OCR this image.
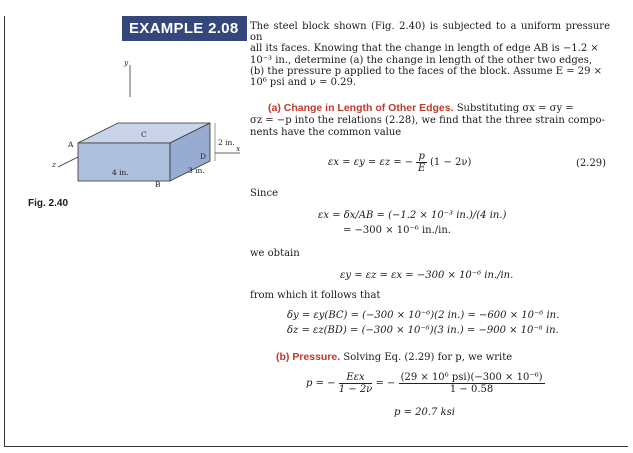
EXAMPLE 2.08
y
x
z
A
B
C
D
2 in.
3 in.
4 in.
Fig. 2.40

The steel block shown (Fig. 2.40) is subjected to a uniform pressure on

all its faces. Knowing that the change in length of edge AB is −1.2 ×

10⁻³ in., determine (a) the change in length of the other two edges,

(b) the pressure p applied to the faces of the block. Assume E = 29 ×

10⁶ psi and ν = 0.29.

(a) Change in Length of Other Edges. Substituting σx = σy =
σz = −p into the relations (2.28), we find that the three strain compo-
nents have the common value
εx = εy = εz = − $\frac{p}{E} (1 - 2\nu)$	(2.29)
Since
εx = δx/AB = (−1.2 × 10⁻³ in.)/(4 in.)
= −300 × 10⁻⁶ in./in.
we obtain
εy = εz = εx = −300 × 10⁻⁶ in./in.
from which it follows that
δy = εy(BC) = (−300 × 10⁻⁶)(2 in.) = −600 × 10⁻⁶ in.
δz = εz(BD) = (−300 × 10⁻⁶)(3 in.) = −900 × 10⁻⁶ in.
(b) Pressure. Solving Eq. (2.29) for p, we write
p = − $\frac{\text{Eεx}}{1 - 2\nu}$ = − $\frac{\text{(29 × 10⁶ psi)(−300 × 10⁻⁶)}}{1 - 0.58}$
p = 20.7 ksi
